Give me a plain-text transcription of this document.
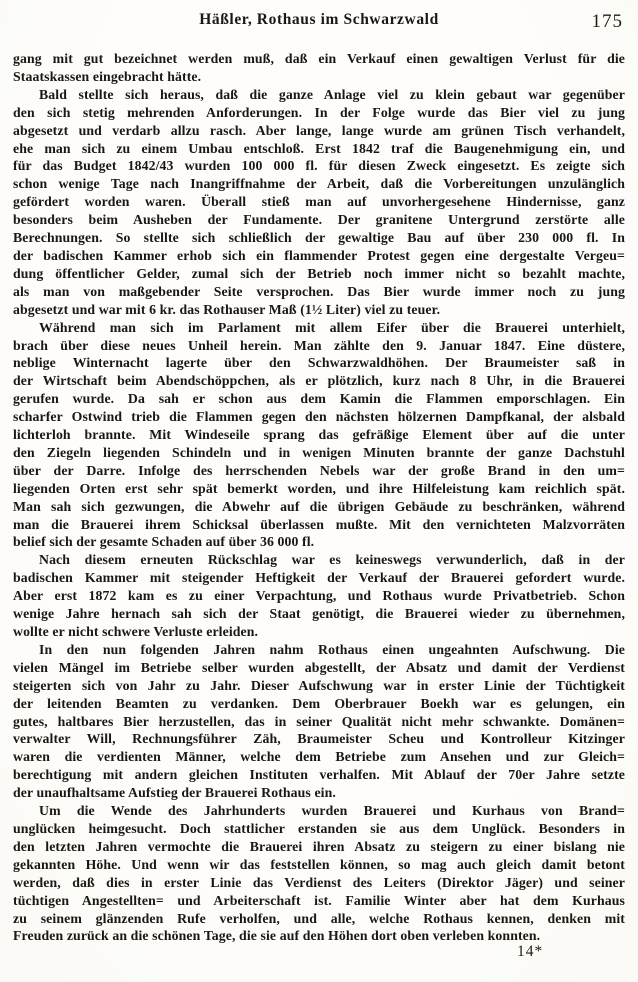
Häßler, Rothaus im Schwarzwald	175
gang mit gut bezeichnet werden muß, daß ein Verkauf einen gewaltigen Verlust für die
Staatskassen eingebracht hätte.
Bald stellte sich heraus, daß die ganze Anlage viel zu klein gebaut war gegenüber
den sich stetig mehrenden Anforderungen. In der Folge wurde das Bier viel zu jung
abgesetzt und verdarb allzu rasch. Aber lange, lange wurde am grünen Tisch verhandelt,
ehe man sich zu einem Umbau entschloß. Erst 1842 traf die Baugenehmigung ein, und
für das Budget 1842/43 wurden 100 000 fl. für diesen Zweck eingesetzt. Es zeigte sich
schon wenige Tage nach Inangriffnahme der Arbeit, daß die Vorbereitungen unzulänglich
gefördert worden waren. Überall stieß man auf unvorhergesehene Hindernisse, ganz
besonders beim Ausheben der Fundamente. Der granitene Untergrund zerstörte alle
Berechnungen. So stellte sich schließlich der gewaltige Bau auf über 230 000 fl. In
der badischen Kammer erhob sich ein flammender Protest gegen eine dergestalte Vergeu=
dung öffentlicher Gelder, zumal sich der Betrieb noch immer nicht so bezahlt machte,
als man von maßgebender Seite versprochen. Das Bier wurde immer noch zu jung
abgesetzt und war mit 6 kr. das Rothauser Maß (1½ Liter) viel zu teuer.
Während man sich im Parlament mit allem Eifer über die Brauerei unterhielt,
brach über diese neues Unheil herein. Man zählte den 9. Januar 1847. Eine düstere,
neblige Winternacht lagerte über den Schwarzwaldhöhen. Der Braumeister saß in
der Wirtschaft beim Abendschöppchen, als er plötzlich, kurz nach 8 Uhr, in die Brauerei
gerufen wurde. Da sah er schon aus dem Kamin die Flammen emporschlagen. Ein
scharfer Ostwind trieb die Flammen gegen den nächsten hölzernen Dampfkanal, der alsbald
lichterloh brannte. Mit Windeseile sprang das gefräßige Element über auf die unter
den Ziegeln liegenden Schindeln und in wenigen Minuten brannte der ganze Dachstuhl
über der Darre. Infolge des herrschenden Nebels war der große Brand in den um=
liegenden Orten erst sehr spät bemerkt worden, und ihre Hilfeleistung kam reichlich spät.
Man sah sich gezwungen, die Abwehr auf die übrigen Gebäude zu beschränken, während
man die Brauerei ihrem Schicksal überlassen mußte. Mit den vernichteten Malzvorräten
belief sich der gesamte Schaden auf über 36 000 fl.
Nach diesem erneuten Rückschlag war es keineswegs verwunderlich, daß in der
badischen Kammer mit steigender Heftigkeit der Verkauf der Brauerei gefordert wurde.
Aber erst 1872 kam es zu einer Verpachtung, und Rothaus wurde Privatbetrieb. Schon
wenige Jahre hernach sah sich der Staat genötigt, die Brauerei wieder zu übernehmen,
wollte er nicht schwere Verluste erleiden.
In den nun folgenden Jahren nahm Rothaus einen ungeahnten Aufschwung. Die
vielen Mängel im Betriebe selber wurden abgestellt, der Absatz und damit der Verdienst
steigerten sich von Jahr zu Jahr. Dieser Aufschwung war in erster Linie der Tüchtigkeit
der leitenden Beamten zu verdanken. Dem Oberbrauer Boekh war es gelungen, ein
gutes, haltbares Bier herzustellen, das in seiner Qualität nicht mehr schwankte. Domänen=
verwalter Will, Rechnungsführer Zäh, Braumeister Scheu und Kontrolleur Kitzinger
waren die verdienten Männer, welche dem Betriebe zum Ansehen und zur Gleich=
berechtigung mit andern gleichen Instituten verhalfen. Mit Ablauf der 70er Jahre setzte
der unaufhaltsame Aufstieg der Brauerei Rothaus ein.
Um die Wende des Jahrhunderts wurden Brauerei und Kurhaus von Brand=
unglücken heimgesucht. Doch stattlicher erstanden sie aus dem Unglück. Besonders in
den letzten Jahren vermochte die Brauerei ihren Absatz zu steigern zu einer bislang nie
gekannten Höhe. Und wenn wir das feststellen können, so mag auch gleich damit betont
werden, daß dies in erster Linie das Verdienst des Leiters (Direktor Jäger) und seiner
tüchtigen Angestellten= und Arbeiterschaft ist. Familie Winter aber hat dem Kurhaus
zu seinem glänzenden Rufe verholfen, und alle, welche Rothaus kennen, denken mit
Freuden zurück an die schönen Tage, die sie auf den Höhen dort oben verleben konnten.
14*
